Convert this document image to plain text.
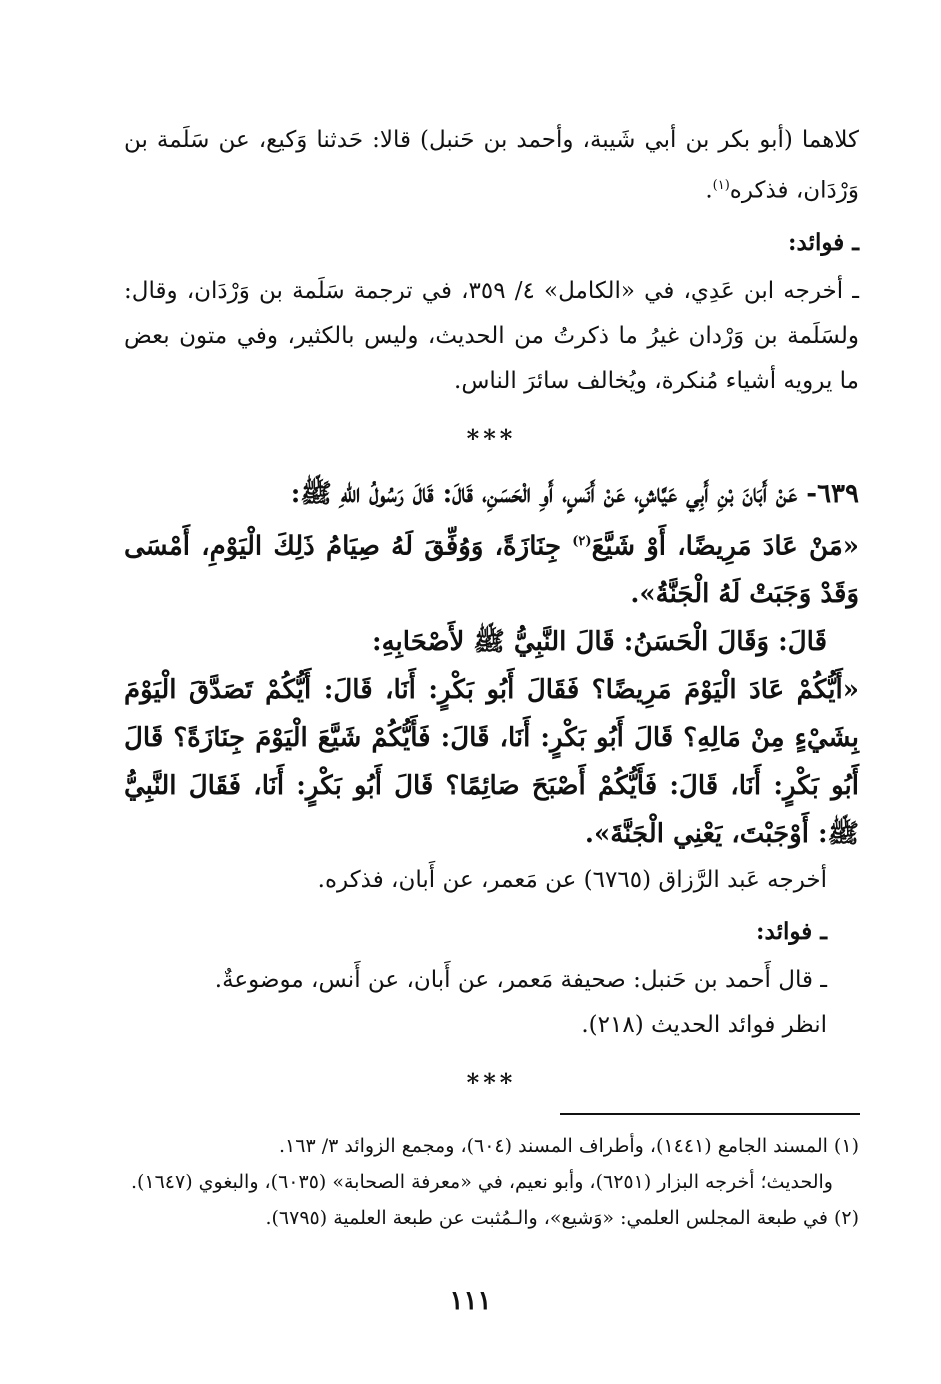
كلاهما (أبو بكر بن أبي شَيبة، وأحمد بن حَنبل) قالا: حَدثنا وَكيع، عن سَلَمة بن وَرْدَان، فذكره$^{(١)}$.

ـ فوائد:

ـ أخرجه ابن عَدِي، في «الكامل» ٤/ ٣٥٩، في ترجمة سَلَمة بن وَرْدَان، وقال: ولسَلَمة بن وَرْدان غيرُ ما ذكرتُ من الحديث، وليس بالكثير، وفي متون بعض ما يرويه أشياء مُنكرة، ويُخالف سائرَ الناس.

***

٦٣٩- عَنْ أَبَانَ بْنِ أَبِي عَيَّاشٍ، عَنْ أَنَسٍ، أَوِ الْحَسَنِ، قَالَ: قَالَ رَسُولُ اللهِ ﷺ:

«مَنْ عَادَ مَرِيضًا، أَوْ شَيَّعَ$^{(٢)}$ جِنَازَةً، وَوُفِّقَ لَهُ صِيَامُ ذَلِكَ الْيَوْمِ، أَمْسَى وَقَدْ وَجَبَتْ لَهُ الْجَنَّةُ».

قَالَ: وَقَالَ الْحَسَنُ: قَالَ النَّبِيُّ ﷺ لأَصْحَابِهِ:

«أَيُّكُمْ عَادَ الْيَوْمَ مَرِيضًا؟ فَقَالَ أَبُو بَكْرٍ: أَنَا، قَالَ: أَيُّكُمْ تَصَدَّقَ الْيَوْمَ بِشَيْءٍ مِنْ مَالِهِ؟ قَالَ أَبُو بَكْرٍ: أَنَا، قَالَ: فَأَيُّكُمْ شَيَّعَ الْيَوْمَ جِنَازَةً؟ قَالَ أَبُو بَكْرٍ: أَنَا، قَالَ: فَأَيُّكُمْ أَصْبَحَ صَائِمًا؟ قَالَ أَبُو بَكْرٍ: أَنَا، فَقَالَ النَّبِيُّ ﷺ: أَوْجَبْتَ، يَعْنِي الْجَنَّةَ».

أخرجه عَبد الرَّزاق (٦٧٦٥) عن مَعمر، عن أَبان، فذكره.

ـ فوائد:

ـ قال أَحمد بن حَنبل: صحيفة مَعمر، عن أَبان، عن أَنس، موضوعةٌ.

انظر فوائد الحديث (٢١٨).

***

(١) المسند الجامع (١٤٤١)، وأطراف المسند (٦٠٤)، ومجمع الزوائد ٣/ ١٦٣.

والحديث؛ أخرجه البزار (٦٢٥١)، وأبو نعيم، في «معرفة الصحابة» (٦٠٣٥)، والبغوي (١٦٤٧).

(٢) في طبعة المجلس العلمي: «وَشيع»، والـمُثبت عن طبعة العلمية (٦٧٩٥).

١١١
